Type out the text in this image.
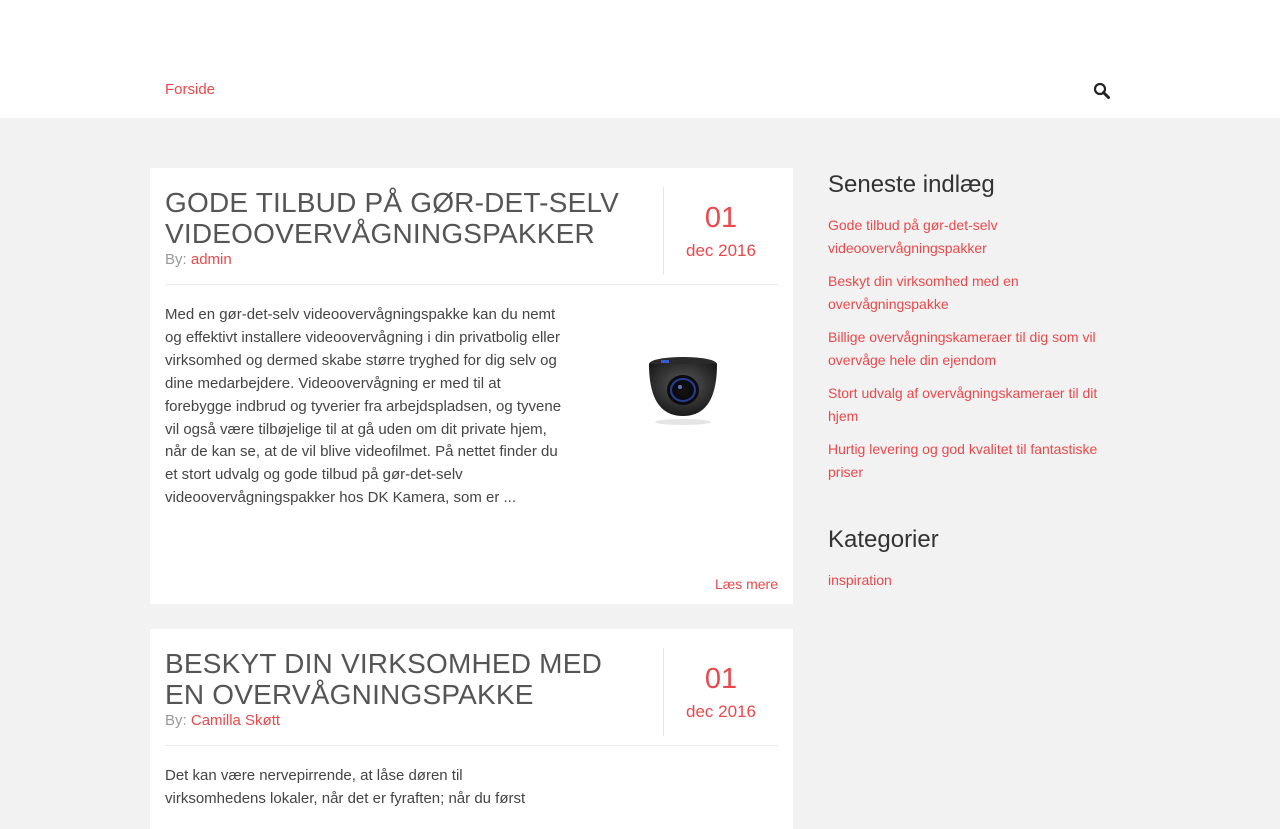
Forside
GODE TILBUD PÅ GØR-DET-SELV VIDEOOVERVÅGNINGSPAKKER
By: admin
01
dec 2016

Med en gør-det-selv videoovervågningspakke kan du nemt og effektivt installere videoovervågning i din privatbolig eller virksomhed og dermed skabe større tryghed for dig selv og dine medarbejdere. Videoovervågning er med til at forebygge indbrud og tyverier fra arbejdspladsen, og tyvene vil også være tilbøjelige til at gå uden om dit private hjem, når de kan se, at de vil blive videofilmet. På nettet finder du et stort udvalg og gode tilbud på gør-det-selv videoovervågningspakker hos DK Kamera, som er ...

Læs mere
BESKYT DIN VIRKSOMHED MED EN OVERVÅGNINGSPAKKE
By: Camilla Skøtt
01
dec 2016

Det kan være nervepirrende, at låse døren til virksomhedens lokaler, når det er fyraften; når du først

Seneste indlæg
Gode tilbud på gør-det-selv videoovervågningspakker
Beskyt din virksomhed med en overvågningspakke
Billige overvågningskameraer til dig som vil overvåge hele din ejendom
Stort udvalg af overvågningskameraer til dit hjem
Hurtig levering og god kvalitet til fantastiske priser
Kategorier
inspiration
